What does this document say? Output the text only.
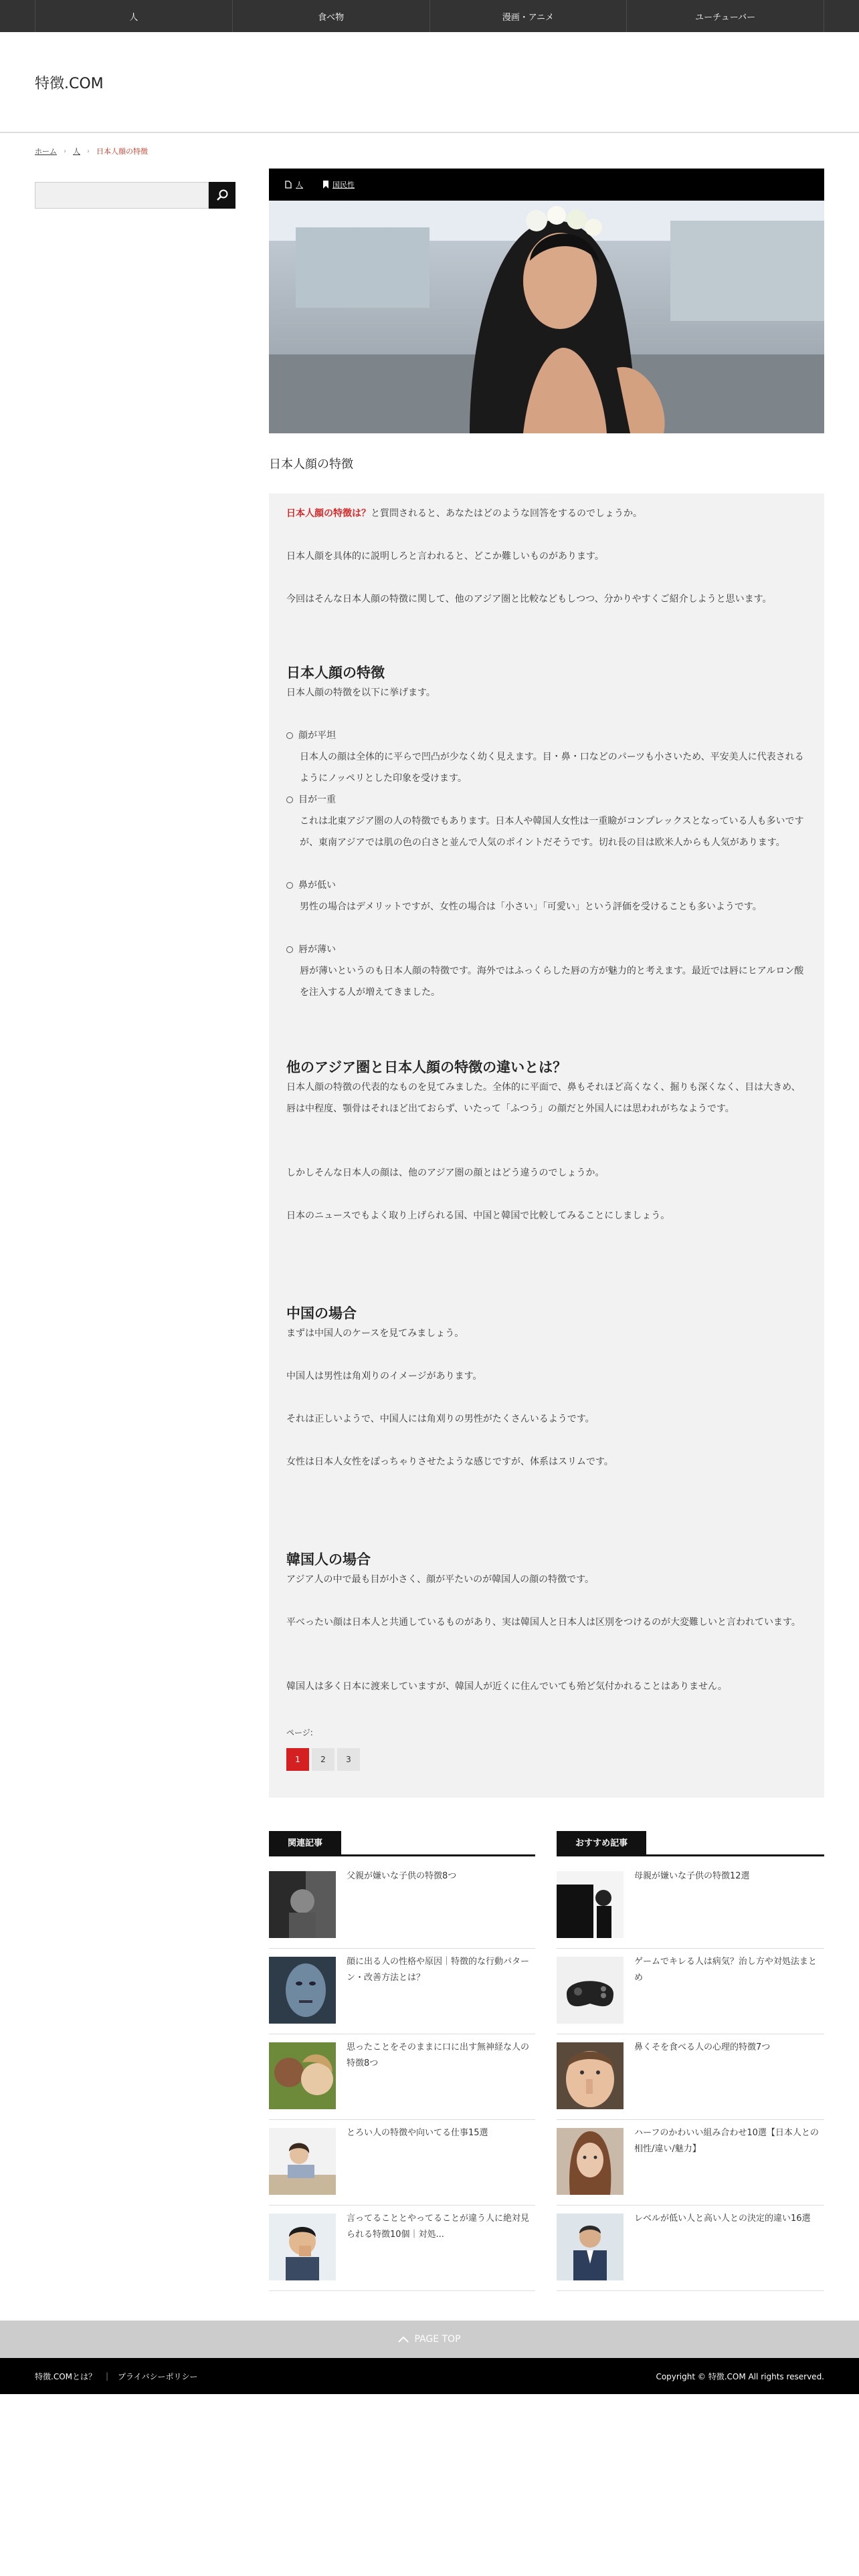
人	食べ物	漫画・アニメ	ユーチューバー
特徴.COM
ホーム › 人 › 日本人顔の特徴
人	国民性
日本人顔の特徴
日本人顔の特徴は？と質問されると、あなたはどのような回答をするのでしょうか。
日本人顔を具体的に説明しろと言われると、どこか難しいものがあります。
今回はそんな日本人顔の特徴に関して、他のアジア圏と比較などもしつつ、分かりやすくご紹介しようと思います。
日本人顔の特徴
日本人顔の特徴を以下に挙げます。
顔が平坦
日本人の顔は全体的に平らで凹凸が少なく幼く見えます。目・鼻・口などのパーツも小さいため、平安美人に代表されるようにノッペリとした印象を受けます。
目が一重
これは北東アジア圏の人の特徴でもあります。日本人や韓国人女性は一重瞼がコンプレックスとなっている人も多いですが、東南アジアでは肌の色の白さと並んで人気のポイントだそうです。切れ長の目は欧米人からも人気があります。
鼻が低い
男性の場合はデメリットですが、女性の場合は「小さい」「可愛い」という評価を受けることも多いようです。
唇が薄い
唇が薄いというのも日本人顔の特徴です。海外ではふっくらした唇の方が魅力的と考えます。最近では唇にヒアルロン酸を注入する人が増えてきました。
他のアジア圏と日本人顔の特徴の違いとは？
日本人顔の特徴の代表的なものを見てみました。全体的に平面で、鼻もそれほど高くなく、掘りも深くなく、目は大きめ、唇は中程度、顎骨はそれほど出ておらず、いたって「ふつう」の顔だと外国人には思われがちなようです。
しかしそんな日本人の顔は、他のアジア圏の顔とはどう違うのでしょうか。
日本のニュースでもよく取り上げられる国、中国と韓国で比較してみることにしましょう。
中国の場合
まずは中国人のケースを見てみましょう。
中国人は男性は角刈りのイメージがあります。
それは正しいようで、中国人には角刈りの男性がたくさんいるようです。
女性は日本人女性をぽっちゃりさせたような感じですが、体系はスリムです。
韓国人の場合
アジア人の中で最も目が小さく、顔が平たいのが韓国人の顔の特徴です。
平べったい顔は日本人と共通しているものがあり、実は韓国人と日本人は区別をつけるのが大変難しいと言われています。
韓国人は多く日本に渡来していますが、韓国人が近くに住んでいても殆ど気付かれることはありません。
ページ:
1	2	3
関連記事	おすすめ記事
父親が嫌いな子供の特徴8つ
顔に出る人の性格や原因｜特徴的な行動パターン・改善方法とは？
思ったことをそのままに口に出す無神経な人の特徴8つ
とろい人の特徴や向いてる仕事15選
言ってることとやってることが違う人に絶対見られる特徴10個｜対処...
母親が嫌いな子供の特徴12選
ゲームでキレる人は病気？治し方や対処法まとめ
鼻くそを食べる人の心理的特徴7つ
ハーフのかわいい組み合わせ10選【日本人との相性/違い/魅力】
レベルが低い人と高い人との決定的違い16選
PAGE TOP
特徴.COMとは？ | プライバシーポリシー	Copyright © 特徴.COM All rights reserved.
